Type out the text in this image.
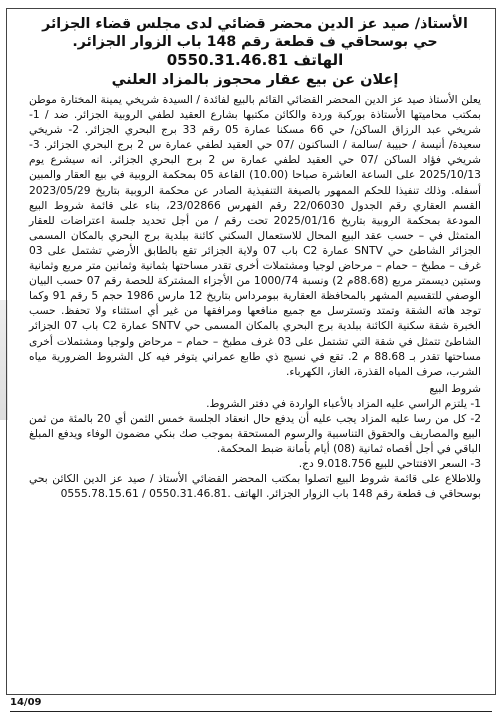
الأستاذ/ صيد عز الدين محضر قضائي لدى مجلس قضاء الجزائر

حي بوسحاقي ف قطعة رقم 148 باب الزوار الجزائر.

0550.31.46.81 الهاتف

إعلان عن بيع عقار محجوز بالمزاد العلني

يعلن الأستاذ صيد عز الدين المحضر القضائي القائم بالبيع لفائدة / السيدة شريخي يمينة المختارة موطن بمكتب محاميتها الأستاذة بوركبة وردة والكائن مكتبها بشارع العقيد لطفي الروبية الجزائر. ضد / 1- شريخي عبد الرزاق الساكن/ حي 66 مسكنا عمارة 05 رقم 33 برج البحري الجزائر. 2- شريخي سعيدة/ أنيسة / حبيبة /سالمة / الساكنون /07 حي العقيد لطفي عمارة س 2 برج البحري الجزائر. 3- شريخي فؤاد الساكن /07 حي العقيد لطفي عمارة س 2 برج البحري الجزائر. انه سيشرع يوم 2025/10/13 على الساعة العاشرة صباحا (10.00) القاعة 05 بمحكمة الروبية في بيع العقار والمبين أسفله. وذلك تنفيذا للحكم الممهور بالصيغة التنفيذية الصادر عن محكمة الروبية بتاريخ 2023/05/29 القسم العقاري رقم الجدول 22/06030 رقم الفهرس 23/02866، بناء على قائمة شروط البيع المودعة بمحكمة الروبية بتاريخ 2025/01/16 تحت رقم / من أجل تحديد جلسة اعتراضات للعقار المتمثل في – حسب عقد البيع المحال للاستعمال السكني كائنة ببلدية برج البحري بالمكان المسمى الجزائر الشاطئ حي SNTV عمارة C2 باب 07 ولاية الجزائر تقع بالطابق الأرضي تشتمل على 03 غرف – مطبخ – حمام – مرحاض لوجيا ومشتملات أخرى تقدر مساحتها بثمانية وثمانين متر مربع وثمانية وستين ديسمتر مربع (88.68م 2) ونسبة 1000/74 من الأجزاء المشتركة للحصة رقم 07 حسب البيان الوصفي للتقسيم المشهر بالمحافظة العقارية ببومرداس بتاريخ 12 مارس 1986 حجم 5 رقم 91 وكما توجد هاته الشقة وتمتد وتسترسل مع جميع منافعها ومرافقها من غير أي استثناء ولا تحفظ. حسب الخبرة شقة سكنية الكائنة ببلدية برج البحري بالمكان المسمى حي SNTV عمارة C2 باب 07 الجزائر الشاطئ تتمثل في شقة التي تشتمل على 03 غرف مطبخ – حمام – مرحاض ولوجيا ومشتملات أخرى مساحتها تقدر بـ 88.68 م 2. تقع في نسيج ذي طابع عمراني يتوفر فيه كل الشروط الضرورية مياه الشرب، صرف المياه القذرة، الغاز، الكهرباء.

شروط البيع

1- يلتزم الراسي عليه المزاد بالأعباء الواردة في دفتر الشروط.

2- كل من رسا عليه المزاد يجب عليه أن يدفع حال انعقاد الجلسة خمس الثمن أي 20 بالمئة من ثمن البيع والمصاريف والحقوق التناسبية والرسوم المستحقة بموجب صك بنكي مضمون الوفاء ويدفع المبلغ الباقي في أجل أقصاه ثمانية (08) أيام بأمانة ضبط المحكمة.

3- السعر الافتتاحي للبيع 9.018.756 دج.

وللاطلاع على قائمة شروط البيع اتصلوا بمكتب المحضر القضائي الأستاذ / صيد عز الدين الكائن بحي بوسحاقي ف قطعة رقم 148 باب الزوار الجزائر. الهاتف 0555.78.15.61 / 0550.31.46.81.

14/09
